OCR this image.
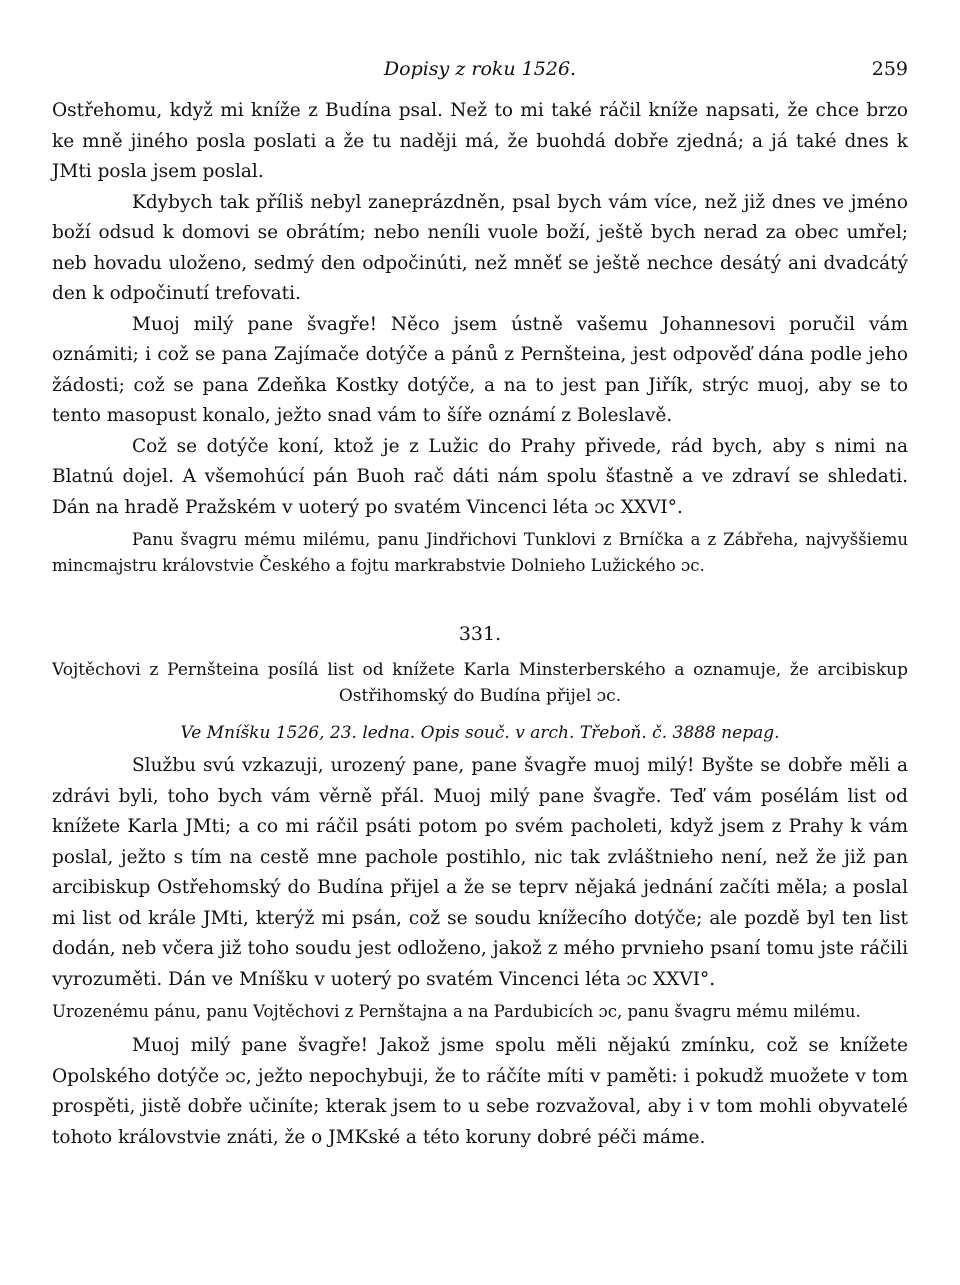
Dopisy z roku 1526.	259

Ostřehomu, když mi kníže z Budína psal. Než to mi také ráčil kníže napsati, že chce brzo ke mně jiného posla poslati a že tu naději má, že buohdá dobře zjedná; a já také dnes k JMti posla jsem poslal.

Kdybych tak příliš nebyl zaneprázdněn, psal bych vám více, než již dnes ve jméno boží odsud k domovi se obrátím; nebo neníli vuole boží, ještě bych nerad za obec umřel; neb hovadu uloženo, sedmý den odpočinúti, než mněť se ještě nechce desátý ani dvadcátý den k odpočinutí trefovati.

Muoj milý pane švagře! Něco jsem ústně vašemu Johannesovi poručil vám oznámiti; i což se pana Zajímače dotýče a pánů z Pernšteina, jest odpověď dána podle jeho žádosti; což se pana Zdeňka Kostky dotýče, a na to jest pan Jiřík, strýc muoj, aby se to tento masopust konalo, ježto snad vám to šíře oznámí z Boleslavě.

Což se dotýče koní, ktož je z Lužic do Prahy přivede, rád bych, aby s nimi na Blatnú dojel. A všemohúcí pán Buoh rač dáti nám spolu šťastně a ve zdraví se shledati. Dán na hradě Pražském v uoterý po svatém Vincenci léta ɔc XXVI°.

Panu švagru mému milému, panu Jindřichovi Tunklovi z Brníčka a z Zábřeha, najvyššiemu mincmajstru královstvie Českého a fojtu markrabstvie Dolnieho Lužického ɔc.

331.
Vojtěchovi z Pernšteina posílá list od knížete Karla Minsterberského a oznamuje, že arcibiskup Ostřihomský do Budína přijel ɔc.
Ve Mníšku 1526, 23. ledna. Opis souč. v arch. Třeboň. č. 3888 nepag.

Službu svú vzkazuji, urozený pane, pane švagře muoj milý! Byšte se dobře měli a zdrávi byli, toho bych vám věrně přál. Muoj milý pane švagře. Teď vám posélám list od knížete Karla JMti; a co mi ráčil psáti potom po svém pacholeti, když jsem z Prahy k vám poslal, ježto s tím na cestě mne pachole postihlo, nic tak zvláštnieho není, než že již pan arcibiskup Ostřehomský do Budína přijel a že se teprv nějaká jednání začíti měla; a poslal mi list od krále JMti, kterýž mi psán, což se soudu knížecího dotýče; ale pozdě byl ten list dodán, neb včera již toho soudu jest odloženo, jakož z mého prvnieho psaní tomu jste ráčili vyrozuměti. Dán ve Mníšku v uoterý po svatém Vincenci léta ɔc XXVI°.

Urozenému pánu, panu Vojtěchovi z Pernštajna a na Pardubicích ɔc, panu švagru mému milému.

Muoj milý pane švagře! Jakož jsme spolu měli nějakú zmínku, což se knížete Opolského dotýče ɔc, ježto nepochybuji, že to ráčíte míti v paměti: i pokudž muožete v tom prospěti, jistě dobře učiníte; kterak jsem to u sebe rozvažoval, aby i v tom mohli obyvatelé tohoto královstvie znáti, že o JMKské a této koruny dobré péči máme.
